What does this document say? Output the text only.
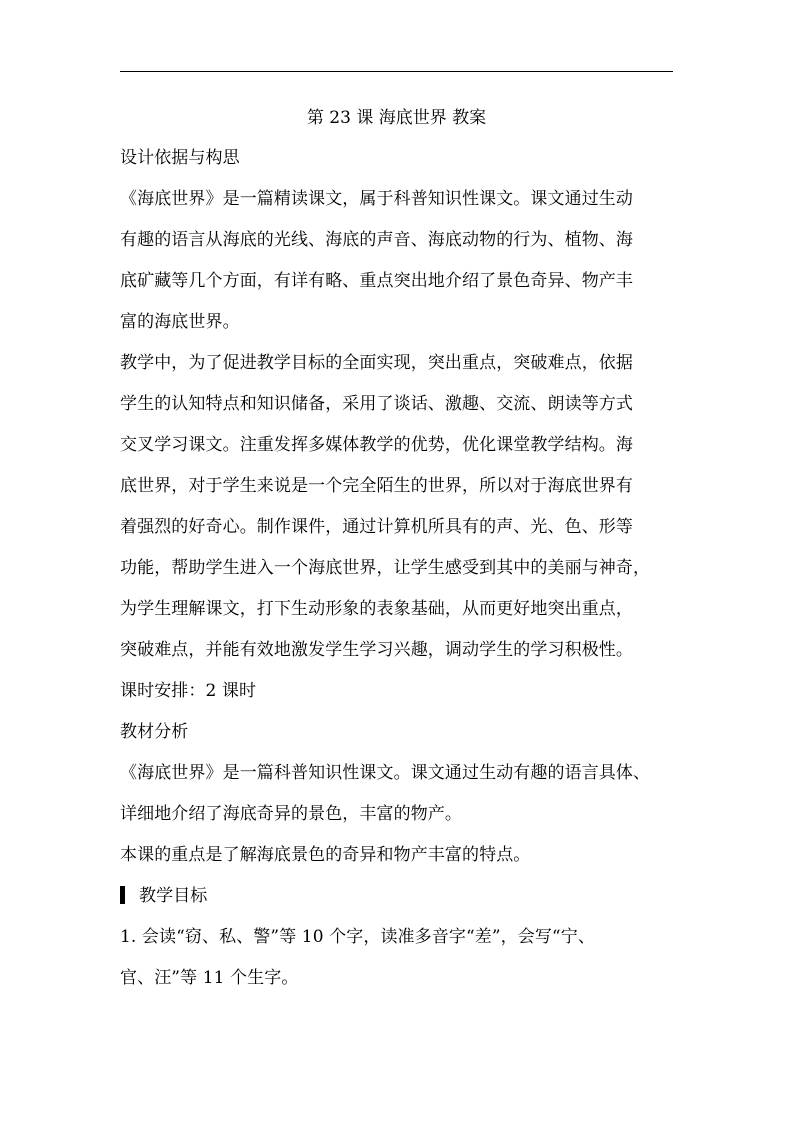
第 23 课 海底世界 教案

设计依据与构思

《海底世界》是一篇精读课文，属于科普知识性课文。课文通过生动

有趣的语言从海底的光线、海底的声音、海底动物的行为、植物、海

底矿藏等几个方面，有详有略、重点突出地介绍了景色奇异、物产丰

富的海底世界。

教学中，为了促进教学目标的全面实现，突出重点，突破难点，依据

学生的认知特点和知识储备，采用了谈话、激趣、交流、朗读等方式

交叉学习课文。注重发挥多媒体教学的优势，优化课堂教学结构。海

底世界，对于学生来说是一个完全陌生的世界，所以对于海底世界有

着强烈的好奇心。制作课件，通过计算机所具有的声、光、色、形等

功能，帮助学生进入一个海底世界，让学生感受到其中的美丽与神奇，

为学生理解课文，打下生动形象的表象基础，从而更好地突出重点，

突破难点，并能有效地激发学生学习兴趣，调动学生的学习积极性。

课时安排：2 课时

教材分析

《海底世界》是一篇科普知识性课文。课文通过生动有趣的语言具体、

详细地介绍了海底奇异的景色，丰富的物产。

本课的重点是了解海底景色的奇异和物产丰富的特点。

教学目标

1. 会读“窃、私、警”等 10 个字，读准多音字“差”，会写“宁、

官、汪”等 11 个生字。
